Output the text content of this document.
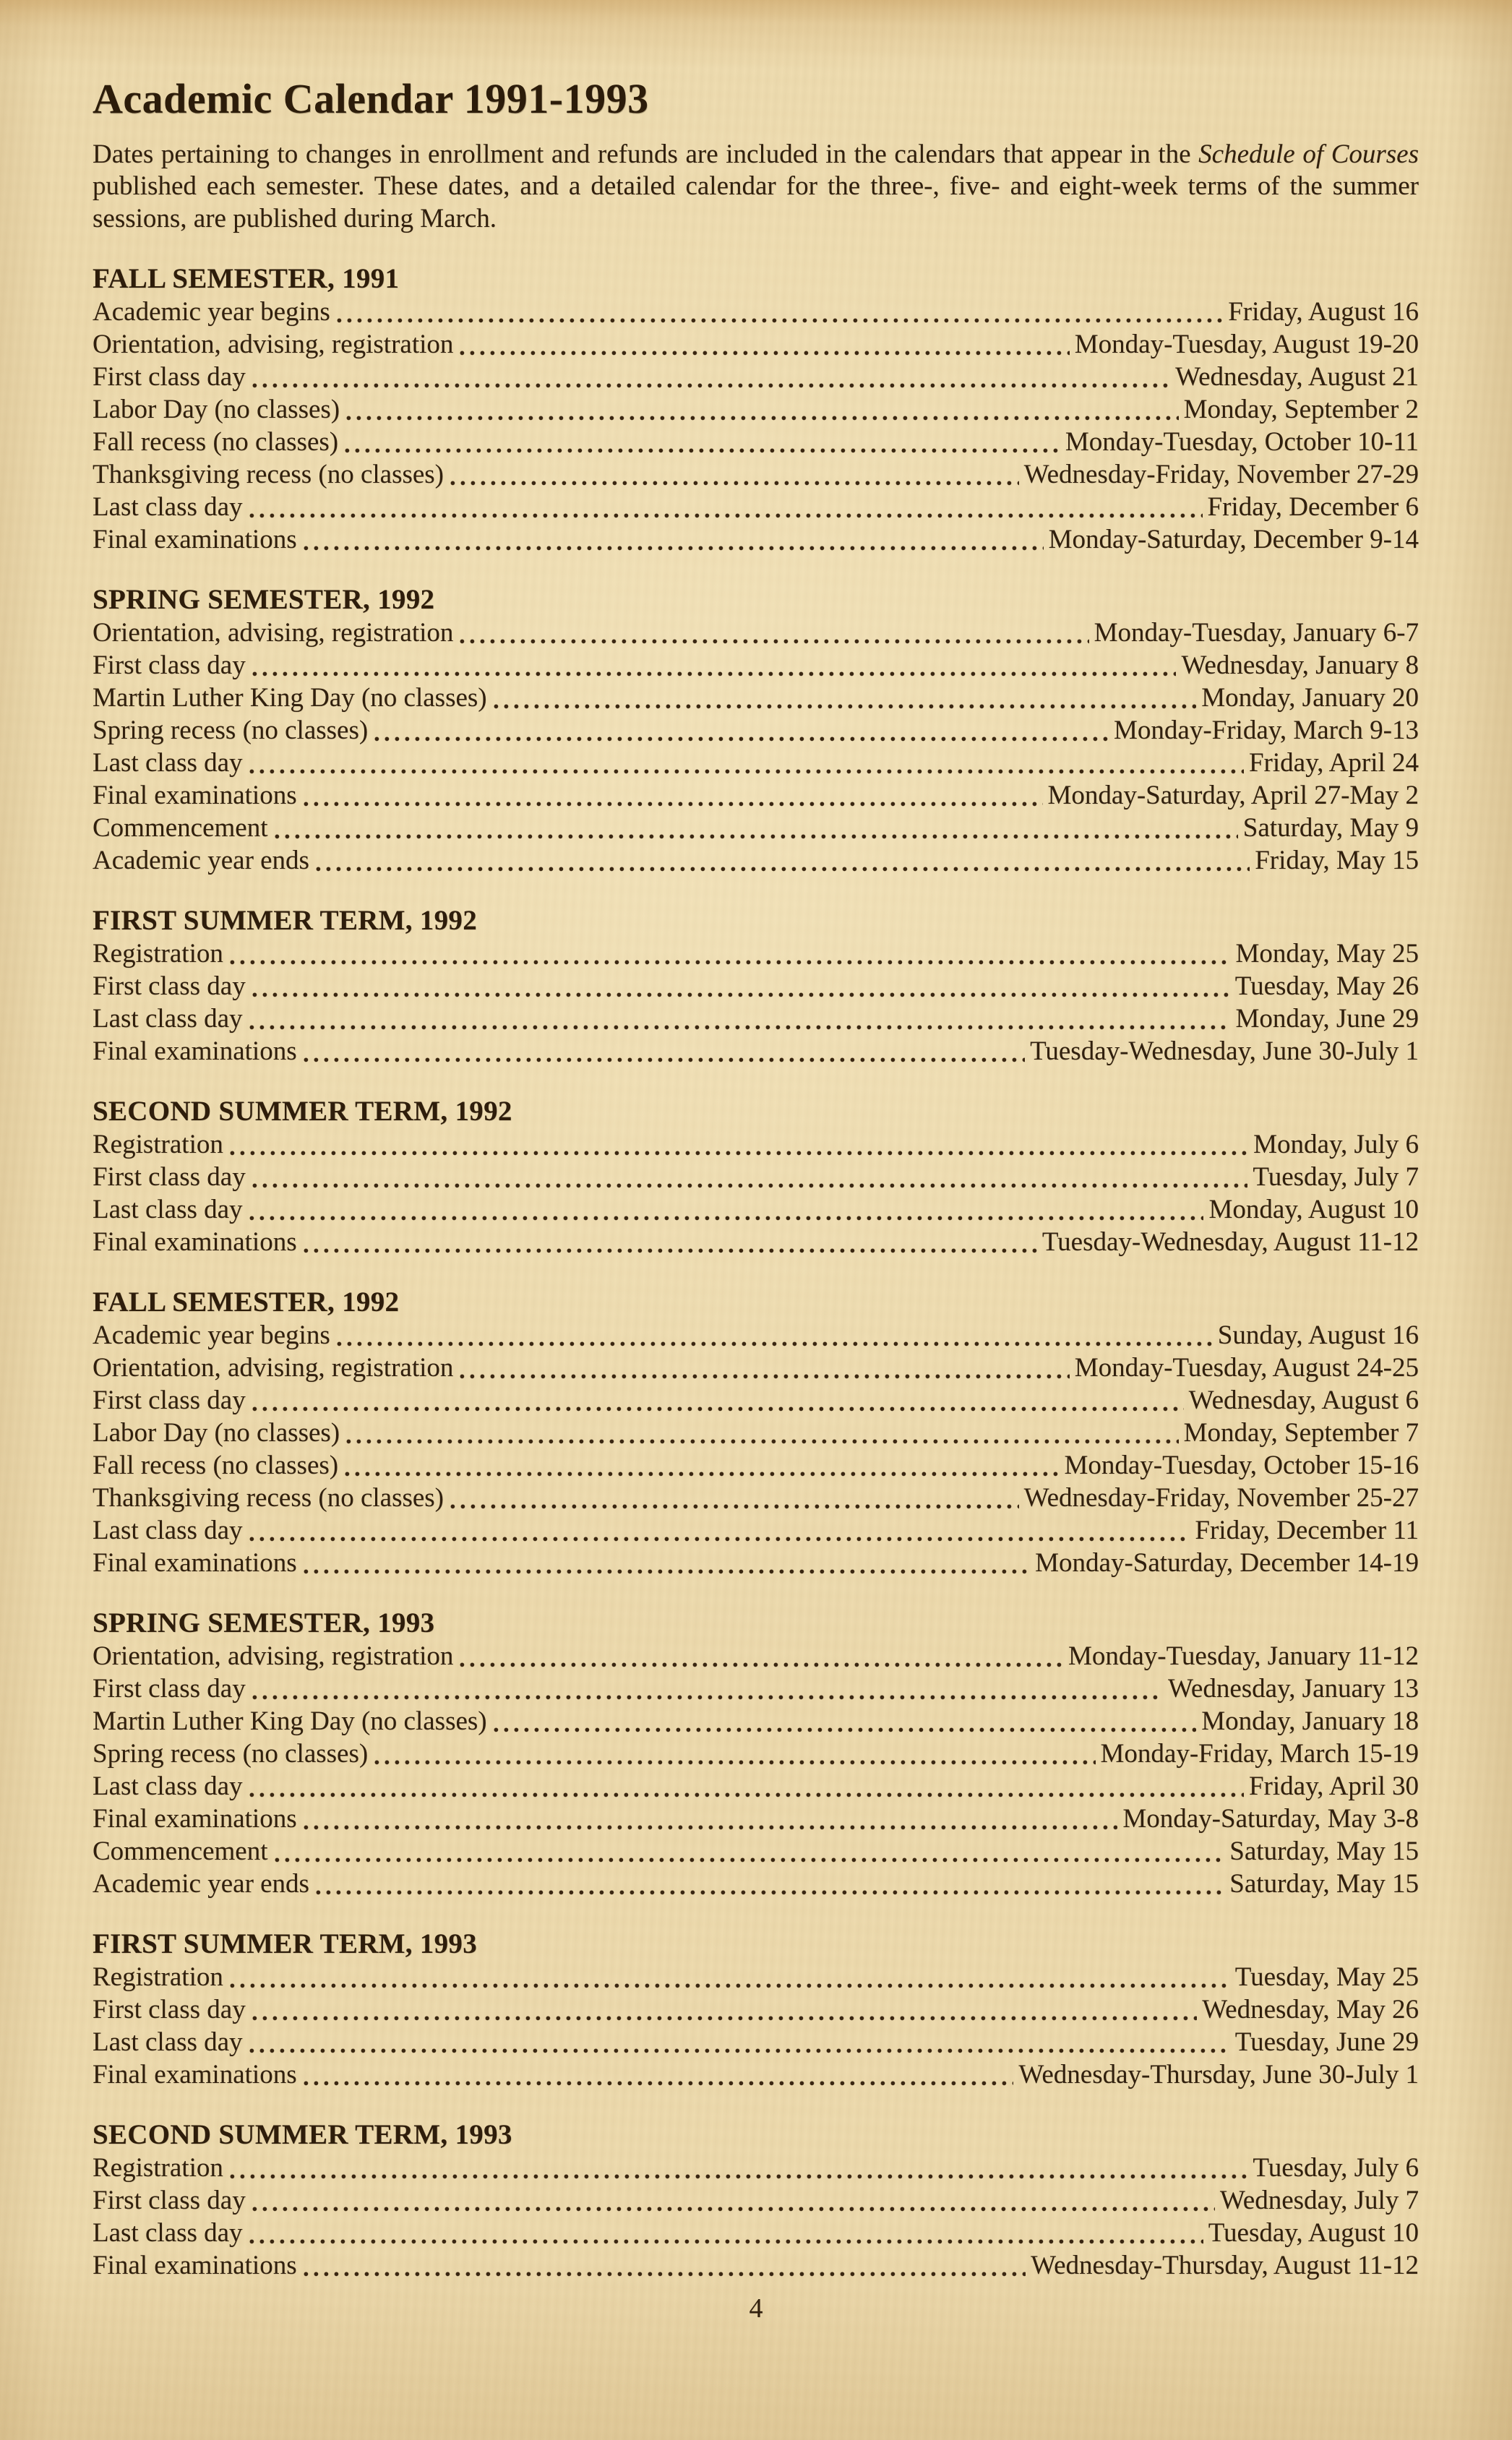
Academic Calendar 1991-1993

Dates pertaining to changes in enrollment and refunds are included in the calendars that appear in the Schedule of Courses published each semester. These dates, and a detailed calendar for the three-, five- and eight-week terms of the summer sessions, are published during March.

FALL SEMESTER, 1991
Academic year begins	Friday, August 16
Orientation, advising, registration	Monday-Tuesday, August 19-20
First class day	Wednesday, August 21
Labor Day (no classes)	Monday, September 2
Fall recess (no classes)	Monday-Tuesday, October 10-11
Thanksgiving recess (no classes)	Wednesday-Friday, November 27-29
Last class day	Friday, December 6
Final examinations	Monday-Saturday, December 9-14
SPRING SEMESTER, 1992
Orientation, advising, registration	Monday-Tuesday, January 6-7
First class day	Wednesday, January 8
Martin Luther King Day (no classes)	Monday, January 20
Spring recess (no classes)	Monday-Friday, March 9-13
Last class day	Friday, April 24
Final examinations	Monday-Saturday, April 27-May 2
Commencement	Saturday, May 9
Academic year ends	Friday, May 15
FIRST SUMMER TERM, 1992
Registration	Monday, May 25
First class day	Tuesday, May 26
Last class day	Monday, June 29
Final examinations	Tuesday-Wednesday, June 30-July 1
SECOND SUMMER TERM, 1992
Registration	Monday, July 6
First class day	Tuesday, July 7
Last class day	Monday, August 10
Final examinations	Tuesday-Wednesday, August 11-12
FALL SEMESTER, 1992
Academic year begins	Sunday, August 16
Orientation, advising, registration	Monday-Tuesday, August 24-25
First class day	Wednesday, August 6
Labor Day (no classes)	Monday, September 7
Fall recess (no classes)	Monday-Tuesday, October 15-16
Thanksgiving recess (no classes)	Wednesday-Friday, November 25-27
Last class day	Friday, December 11
Final examinations	Monday-Saturday, December 14-19
SPRING SEMESTER, 1993
Orientation, advising, registration	Monday-Tuesday, January 11-12
First class day	Wednesday, January 13
Martin Luther King Day (no classes)	Monday, January 18
Spring recess (no classes)	Monday-Friday, March 15-19
Last class day	Friday, April 30
Final examinations	Monday-Saturday, May 3-8
Commencement	Saturday, May 15
Academic year ends	Saturday, May 15
FIRST SUMMER TERM, 1993
Registration	Tuesday, May 25
First class day	Wednesday, May 26
Last class day	Tuesday, June 29
Final examinations	Wednesday-Thursday, June 30-July 1
SECOND SUMMER TERM, 1993
Registration	Tuesday, July 6
First class day	Wednesday, July 7
Last class day	Tuesday, August 10
Final examinations	Wednesday-Thursday, August 11-12
4
